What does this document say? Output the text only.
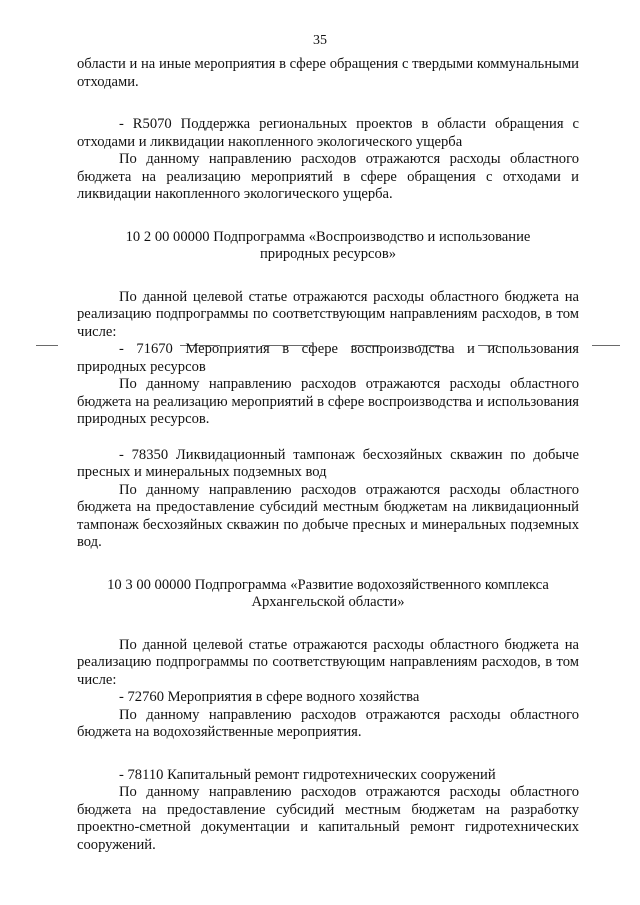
35

области и на иные мероприятия в сфере обращения с твердыми коммунальными отходами.

- R5070 Поддержка региональных проектов в области обращения с отходами и ликвидации накопленного экологического ущерба

По данному направлению расходов отражаются расходы областного бюджета на реализацию мероприятий в сфере обращения с отходами и ликвидации накопленного экологического ущерба.

10 2 00 00000 Подпрограмма «Воспроизводство и использование природных ресурсов»

По данной целевой статье отражаются расходы областного бюджета на реализацию подпрограммы по соответствующим направлениям расходов, в том числе:

- 71670 Мероприятия в сфере воспроизводства и использования природных ресурсов

По данному направлению расходов отражаются расходы областного бюджета на реализацию мероприятий в сфере воспроизводства и использования природных ресурсов.

- 78350 Ликвидационный тампонаж бесхозяйных скважин по добыче пресных и минеральных подземных вод

По данному направлению расходов отражаются расходы областного бюджета на предоставление субсидий местным бюджетам на ликвидационный тампонаж бесхозяйных скважин по добыче пресных и минеральных подземных вод.

10 3 00 00000 Подпрограмма «Развитие водохозяйственного комплекса Архангельской области»

По данной целевой статье отражаются расходы областного бюджета на реализацию подпрограммы по соответствующим направлениям расходов, в том числе:

- 72760 Мероприятия в сфере водного хозяйства

По данному направлению расходов отражаются расходы областного бюджета на водохозяйственные мероприятия.

- 78110 Капитальный ремонт гидротехнических сооружений

По данному направлению расходов отражаются расходы областного бюджета на предоставление субсидий местным бюджетам на разработку проектно-сметной документации и капитальный ремонт гидротехнических сооружений.
